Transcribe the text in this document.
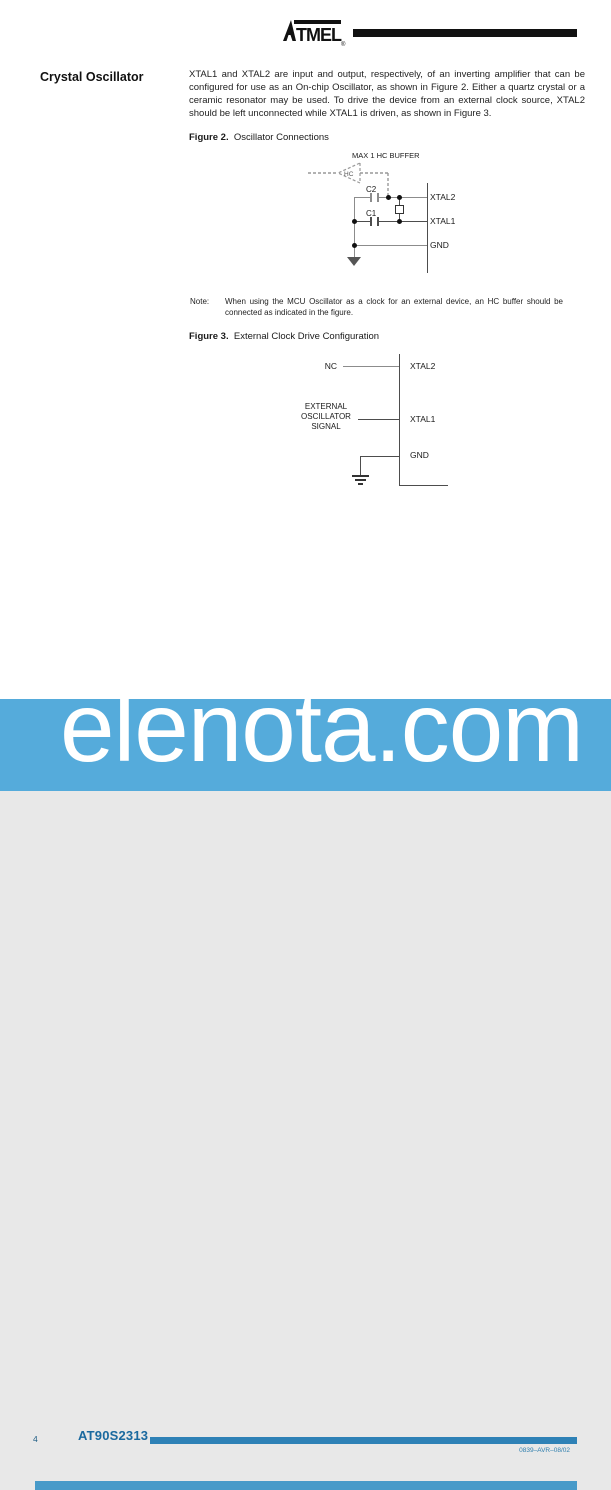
TMEL ®
Crystal Oscillator	XTAL1 and XTAL2 are input and output, respectively, of an inverting amplifier that can be configured for use as an On-chip Oscillator, as shown in Figure 2. Either a quartz crystal or a ceramic resonator may be used. To drive the device from an external clock source, XTAL2 should be left unconnected while XTAL1 is driven, as shown in Figure 3.
Figure 2. Oscillator Connections
MAX 1 HC BUFFER
HC
C2
C1
XTAL2
XTAL1
GND
Note: When using the MCU Oscillator as a clock for an external device, an HC buffer should be connected as indicated in the figure.
Figure 3. External Clock Drive Configuration
NC
EXTERNAL
OSCILLATOR
SIGNAL
XTAL2
XTAL1
GND
4	AT90S2313
0839–AVR–08/02
elenota.com
